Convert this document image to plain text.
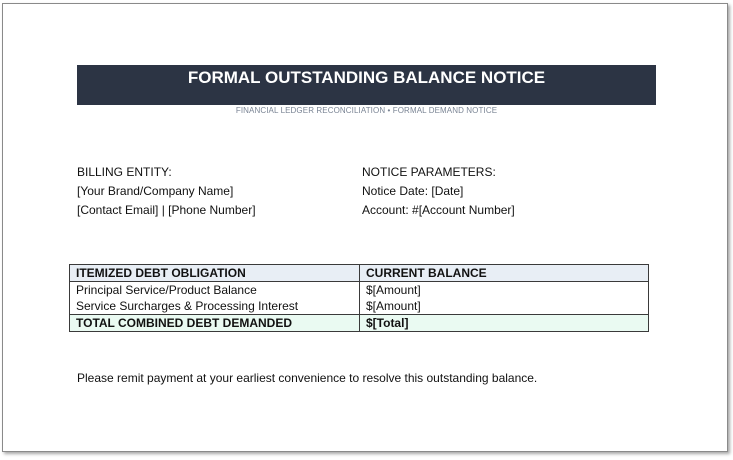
FORMAL OUTSTANDING BALANCE NOTICE
FINANCIAL LEDGER RECONCILIATION • FORMAL DEMAND NOTICE
BILLING ENTITY:
[Your Brand/Company Name]
[Contact Email] | [Phone Number]
NOTICE PARAMETERS:
Notice Date: [Date]
Account: #[Account Number]
ITEMIZED DEBT OBLIGATION	CURRENT BALANCE
Principal Service/Product Balance	$[Amount]
Service Surcharges & Processing Interest	$[Amount]
TOTAL COMBINED DEBT DEMANDED	$[Total]
Please remit payment at your earliest convenience to resolve this outstanding balance.
